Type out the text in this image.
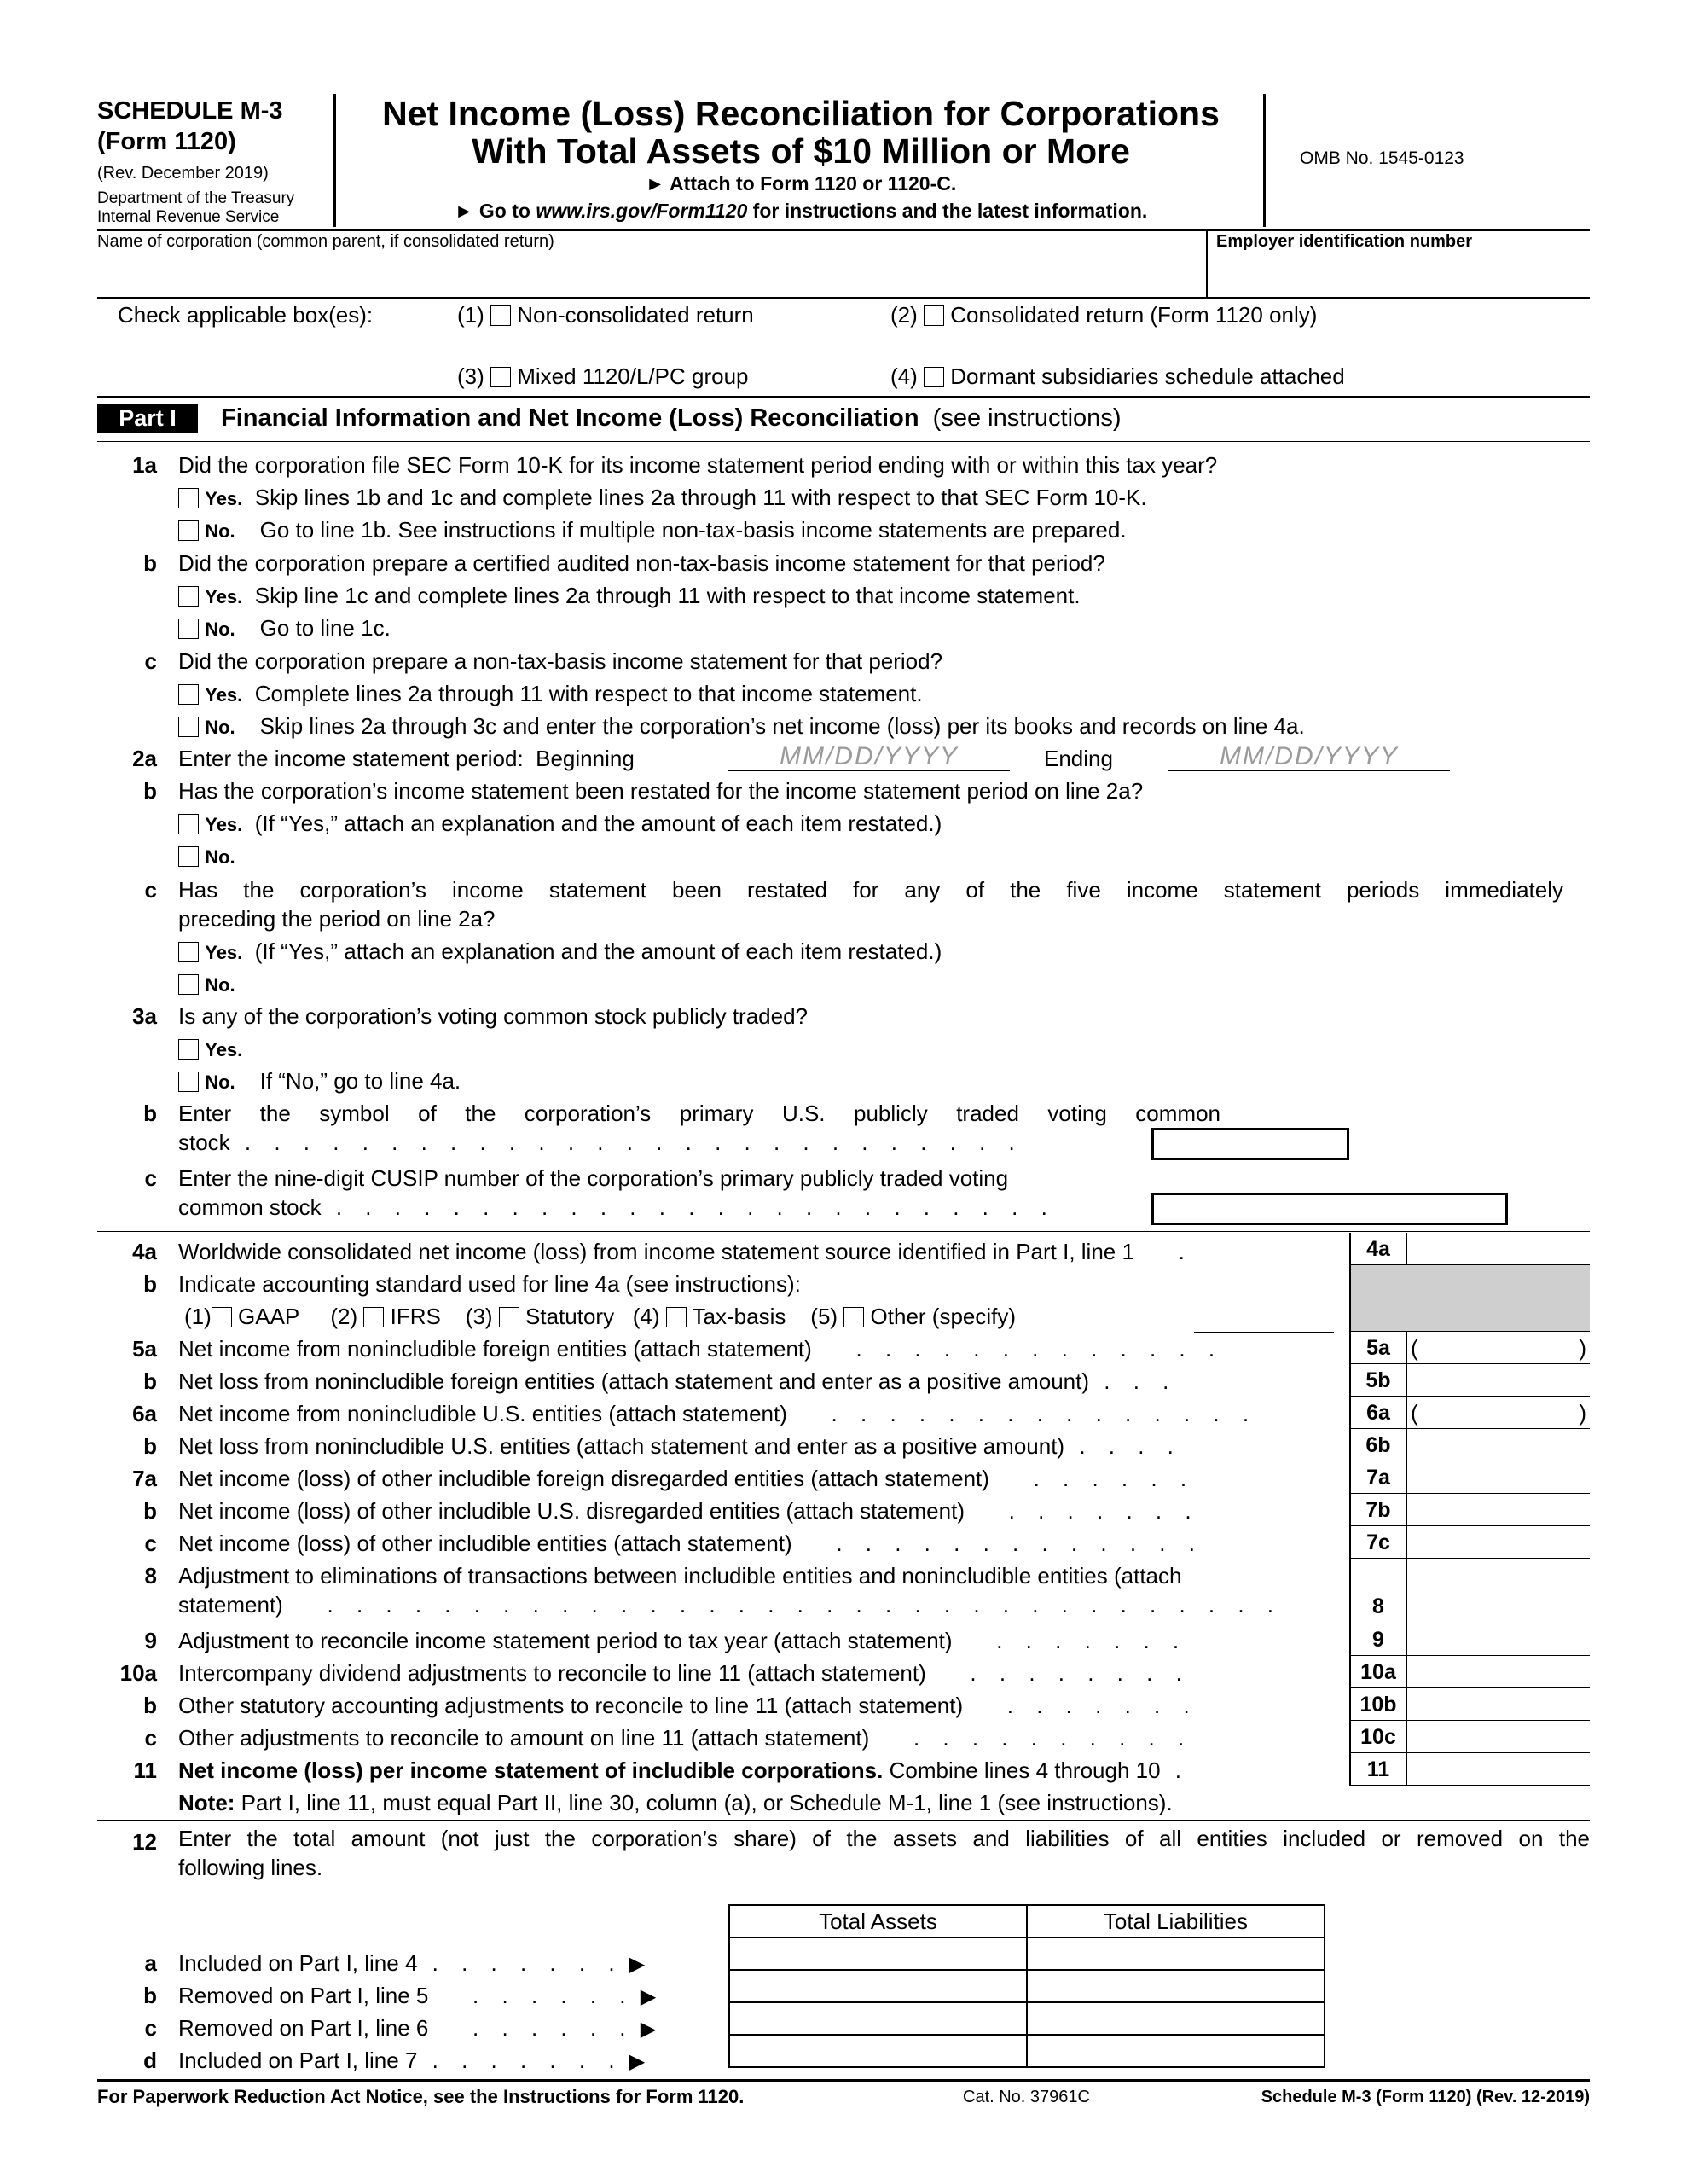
SCHEDULE M-3
(Form 1120)
(Rev. December 2019)
Department of the Treasury
Internal Revenue Service
Net Income (Loss) Reconciliation for Corporations
With Total Assets of $10 Million or More
► Attach to Form 1120 or 1120-C.
► Go to www.irs.gov/Form1120 for instructions and the latest information.
OMB No. 1545-0123
Name of corporation (common parent, if consolidated return)	Employer identification number
Check applicable box(es):	(1) Non-consolidated return	(2) Consolidated return (Form 1120 only)
(3) Mixed 1120/L/PC group	(4) Dormant subsidiaries schedule attached
Part I	Financial Information and Net Income (Loss) Reconciliation (see instructions)
1a Did the corporation file SEC Form 10-K for its income statement period ending with or within this tax year?
Yes. Skip lines 1b and 1c and complete lines 2a through 11 with respect to that SEC Form 10-K.
No. Go to line 1b. See instructions if multiple non-tax-basis income statements are prepared.
b Did the corporation prepare a certified audited non-tax-basis income statement for that period?
Yes. Skip line 1c and complete lines 2a through 11 with respect to that income statement.
No. Go to line 1c.
c Did the corporation prepare a non-tax-basis income statement for that period?
Yes. Complete lines 2a through 11 with respect to that income statement.
No. Skip lines 2a through 3c and enter the corporation’s net income (loss) per its books and records on line 4a.
2a Enter the income statement period: Beginning	MM/DD/YYYY	Ending	MM/DD/YYYY
b Has the corporation’s income statement been restated for the income statement period on line 2a?
Yes. (If “Yes,” attach an explanation and the amount of each item restated.)
No.
c Has the corporation’s income statement been restated for any of the five income statement periods immediately
preceding the period on line 2a?
Yes. (If “Yes,” attach an explanation and the amount of each item restated.)
No.
3a Is any of the corporation’s voting common stock publicly traded?
Yes.
No. If “No,” go to line 4a.
b Enter the symbol of the corporation’s primary U.S. publicly traded voting common
stock . . . . . . . . . . . . . . . . . . . . . . . . . . .
c Enter the nine-digit CUSIP number of the corporation’s primary publicly traded voting
common stock . . . . . . . . . . . . . . . . . . . . . . . . .
4a Worldwide consolidated net income (loss) from income statement source identified in Part I, line 1   .	4a
b Indicate accounting standard used for line 4a (see instructions):
(1) GAAP (2) IFRS (3) Statutory (4) Tax-basis (5) Other (specify)
5a Net income from nonincludible foreign entities (attach statement)   . . . . . . . . . . . . .	5a (	)
b Net loss from nonincludible foreign entities (attach statement and enter as a positive amount) . . .	5b
6a Net income from nonincludible U.S. entities (attach statement)   . . . . . . . . . . . . . . .	6a (	)
b Net loss from nonincludible U.S. entities (attach statement and enter as a positive amount) . . . .	6b
7a Net income (loss) of other includible foreign disregarded entities (attach statement)   . . . . . .	7a
b Net income (loss) of other includible U.S. disregarded entities (attach statement)   . . . . . . .	7b
c Net income (loss) of other includible entities (attach statement)   . . . . . . . . . . . . .	7c
8 Adjustment to eliminations of transactions between includible entities and nonincludible entities (attach
statement)   . . . . . . . . . . . . . . . . . . . . . . . . . . . . . . . . .	8
9 Adjustment to reconcile income statement period to tax year (attach statement)   . . . . . . .	9
10a Intercompany dividend adjustments to reconcile to line 11 (attach statement)   . . . . . . . .	10a
b Other statutory accounting adjustments to reconcile to line 11 (attach statement)   . . . . . . .	10b
c Other adjustments to reconcile to amount on line 11 (attach statement)   . . . . . . . . . .	10c
11 Net income (loss) per income statement of includible corporations. Combine lines 4 through 10 .	11
Note: Part I, line 11, must equal Part II, line 30, column (a), or Schedule M-1, line 1 (see instructions).
12 Enter the total amount (not just the corporation’s share) of the assets and liabilities of all entities included or removed on the
following lines.
Total Assets	Total Liabilities

a Included on Part I, line 4 . . . . . . . ▶
b Removed on Part I, line 5   . . . . . . ▶
c Removed on Part I, line 6   . . . . . . ▶
d Included on Part I, line 7 . . . . . . . ▶
For Paperwork Reduction Act Notice, see the Instructions for Form 1120.	Cat. No. 37961C	Schedule M-3 (Form 1120) (Rev. 12-2019)
